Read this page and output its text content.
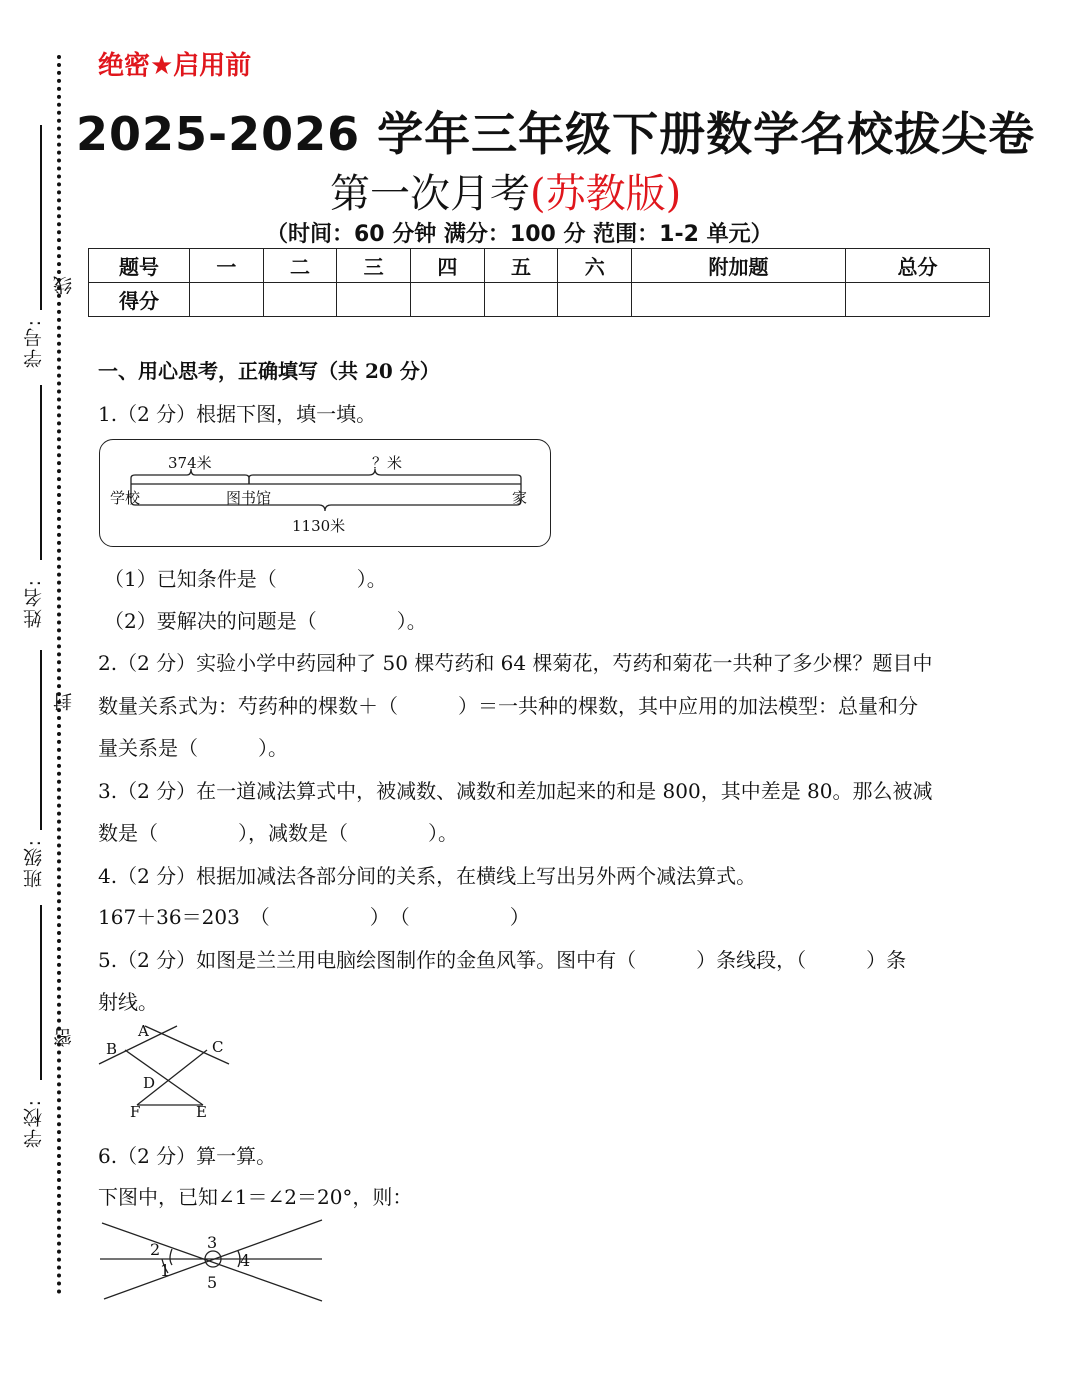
学号:
姓名:
班级:
学校:
线
封
密
绝密★启用前
2025-2026 学年三年级下册数学名校拔尖卷
第一次月考(苏教版)
（时间：60 分钟 满分：100 分 范围：1-2 单元）
题号	一	二	三	四	五	六	附加题	总分
得分								
一、用心思考，正确填写（共 20 分）
1.（2 分）根据下图，填一填。
374米	？米
学校	图书馆	家
1130米
（1）已知条件是（　　　　）。
（2）要解决的问题是（　　　　）。
2.（2 分）实验小学中药园种了 50 棵芍药和 64 棵菊花，芍药和菊花一共种了多少棵？题目中
数量关系式为：芍药种的棵数＋（　　　）＝一共种的棵数，其中应用的加法模型：总量和分
量关系是（　　　）。
3.（2 分）在一道减法算式中，被减数、减数和差加起来的和是 800，其中差是 80。那么被减
数是（　　　　），减数是（　　　　）。
4.（2 分）根据加减法各部分间的关系，在横线上写出另外两个减法算式。
167＋36＝203　（　　　　　）　（　　　　　）
5.（2 分）如图是兰兰用电脑绘图制作的金鱼风筝。图中有（　　　）条线段，（　　　）条
射线。
A
B	C
D
E
F
6.（2 分）算一算。
下图中，已知∠1＝∠2＝20°，则：
2
1
3
4
5
